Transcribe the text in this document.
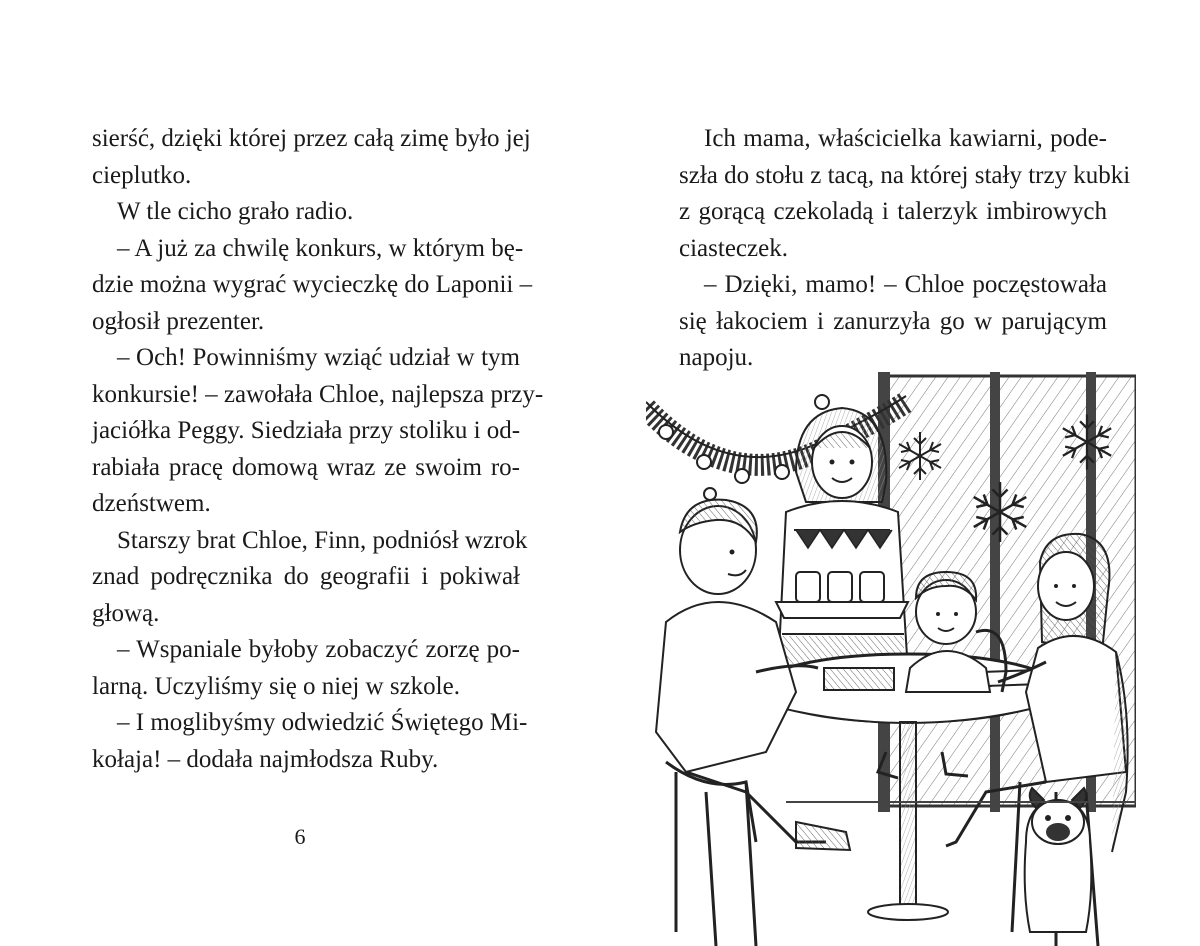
sierść, dzięki której przez całą zimę było jej
cieplutko.
W tle cicho grało radio.
– A już za chwilę konkurs, w którym bę-
dzie można wygrać wycieczkę do Laponii –
ogłosił prezenter.
– Och! Powinniśmy wziąć udział w tym
konkursie! – zawołała Chloe, najlepsza przy-
jaciółka Peggy. Siedziała przy stoliku i od-
rabiała pracę domową wraz ze swoim ro-
dzeństwem.
Starszy brat Chloe, Finn, podniósł wzrok
znad podręcznika do geografii i pokiwał
głową.
– Wspaniale byłoby zobaczyć zorzę po-
larną. Uczyliśmy się o niej w szkole.
– I moglibyśmy odwiedzić Świętego Mi-
kołaja! – dodała najmłodsza Ruby.
6
Ich mama, właścicielka kawiarni, pode-
szła do stołu z tacą, na której stały trzy kubki
z gorącą czekoladą i talerzyk imbirowych
ciasteczek.
– Dzięki, mamo! – Chloe poczęstowała
się łakociem i zanurzyła go w parującym
napoju.
